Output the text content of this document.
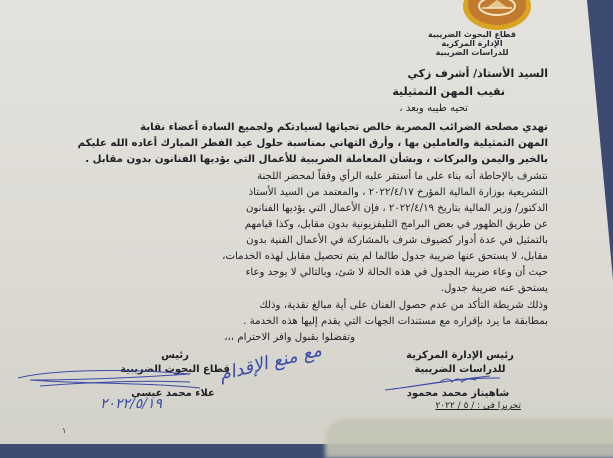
قطاع البحوث الضريبية
الإدارة المركزية
للدراسات الضريبية
السيد الأستاذ/ أشرف زكي
نقيب المهن التمثيلية
تحيه طيبه وبعد ،
تهدي مصلحة الضرائب المصرية خالص تحياتها لسيادتكم ولجميع السادة أعضاء نقابة
المهن التمثيلية والعاملين بها ، وأرق التهاني بمناسبة حلول عيد الفطر المبارك أعاده الله عليكم
بالخير واليمن والبركات ، وبشأن المعاملة الضريبية للأعمال التي يؤديها الفنانون بدون مقابل .
نتشرف بالإحاطة أنه بناء على ما أستقر عليه الرأي وفقاً لمحضر اللجنة
التشريعية بوزارة المالية المؤرخ ٢٠٢٢/٤/١٧ ، والمعتمد من السيد الأستاذ
الدكتور/ وزير المالية بتاريخ ٢٠٢٢/٤/١٩ ، فإن الأعمال التي يؤديها الفنانون
عن طريق الظهور في بعض البرامج التليفزيونية بدون مقابل، وكذا قيامهم
بالتمثيل في عدة أدوار كضيوف شرف بالمشاركة في الأعمال الفنية بدون
مقابل، لا يستحق عنها ضريبة جدول طالما لم يتم تحصيل مقابل لهذه الخدمات،
حيث أن وعاء ضريبة الجدول في هذه الحالة لا شئ، وبالتالي لا يوجد وعاء
يستحق عنه ضريبة جدول.
وذلك شريطة التأكد من عدم حصول الفنان على أية مبالغ نقدية، وذلك
بمطابقة ما يرد بإقراره مع مستندات الجهات التي يقدم إليها هذه الخدمة .
وتفضلوا بقبول وافر الاحترام ،،،
رئيس الإدارة المركزية
للدراسات الضريبية
شاهيناز محمد محمود
رئيس
قطاع البحوث الضريبية
مع منع الإقدام
علاء محمد عيسى
٢٠٢٢/٥/١٩	تحريرا في : / ٥ / ٢٠٢٢
١
